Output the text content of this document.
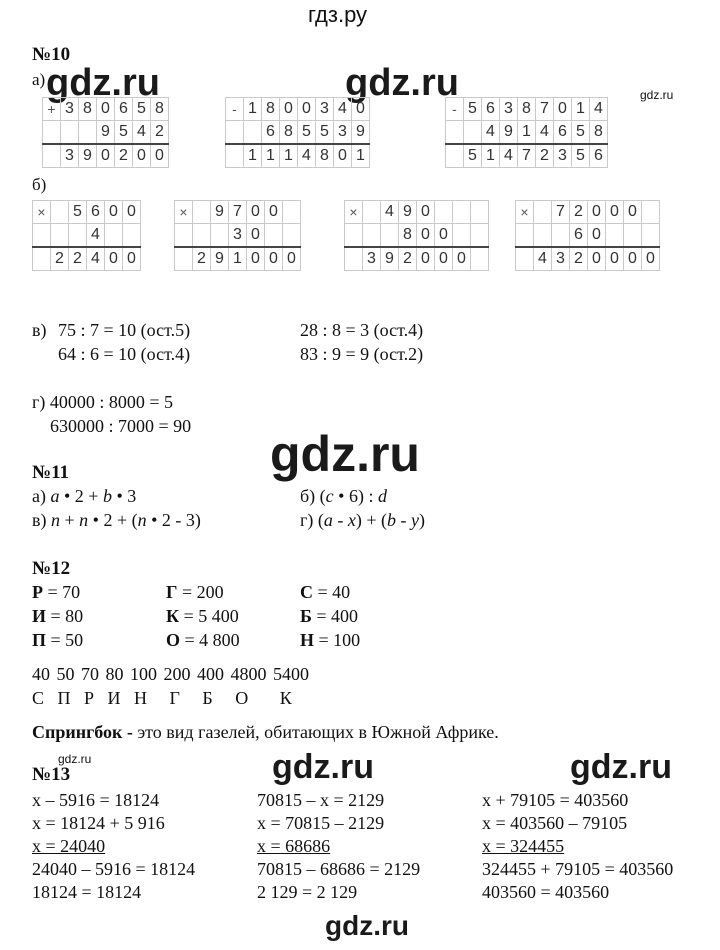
гдз.ру
gdz.ru	gdz.ru	gdz.ru
gdz.ru
gdz.ru	gdz.ru	gdz.ru
gdz.ru
№10
а)
+	3	8	0	6	5	8
			9	5	4	2
	3	9	0	2	0	0
-	1	8	0	0	3	4	0
		6	8	5	5	3	9
	1	1	1	4	8	0	1
-	5	6	3	8	7	0	1	4
		4	9	1	4	6	5	8
	5	1	4	7	2	3	5	6
б)
×		5	6	0	0
			4		
	2	2	4	0	0
×		9	7	0	0	
			3	0		
	2	9	1	0	0	0
×		4	9	0			
			8	0	0		
	3	9	2	0	0	0	
×		7	2	0	0	0	
			6	0			
	4	3	2	0	0	0	0
в) 75 : 7 = 10 (ост.5)
64 : 6 = 10 (ост.4)
28 : 8 = 3 (ост.4)
83 : 9 = 9 (ост.2)
г) 40000 : 8000 = 5
630000 : 7000 = 90
№11
а) a • 2 + b • 3	б) (c • 6) : d
в) n + n • 2 + (n • 2 - 3)	г) (a - x) + (b - y)
№12
Р = 70
И = 80
П = 50
Г = 200
К = 5 400
О = 4 800
С = 40
Б = 400
Н = 100
40 50 70 80 100 200 400 4800 5400
С   П   Р   И   Н     Г     Б     О       К
Спрингбок - это вид газелей, обитающих в Южной Африке.
№13
x – 5916 = 18124
x = 18124 + 5 916
x = 24040
24040 – 5916 = 18124
18124 = 18124
70815 – x = 2129
x = 70815 – 2129
x = 68686
70815 – 68686 = 2129
2 129 = 2 129
x + 79105 = 403560
x = 403560 – 79105
x = 324455
324455 + 79105 = 403560
403560 = 403560
